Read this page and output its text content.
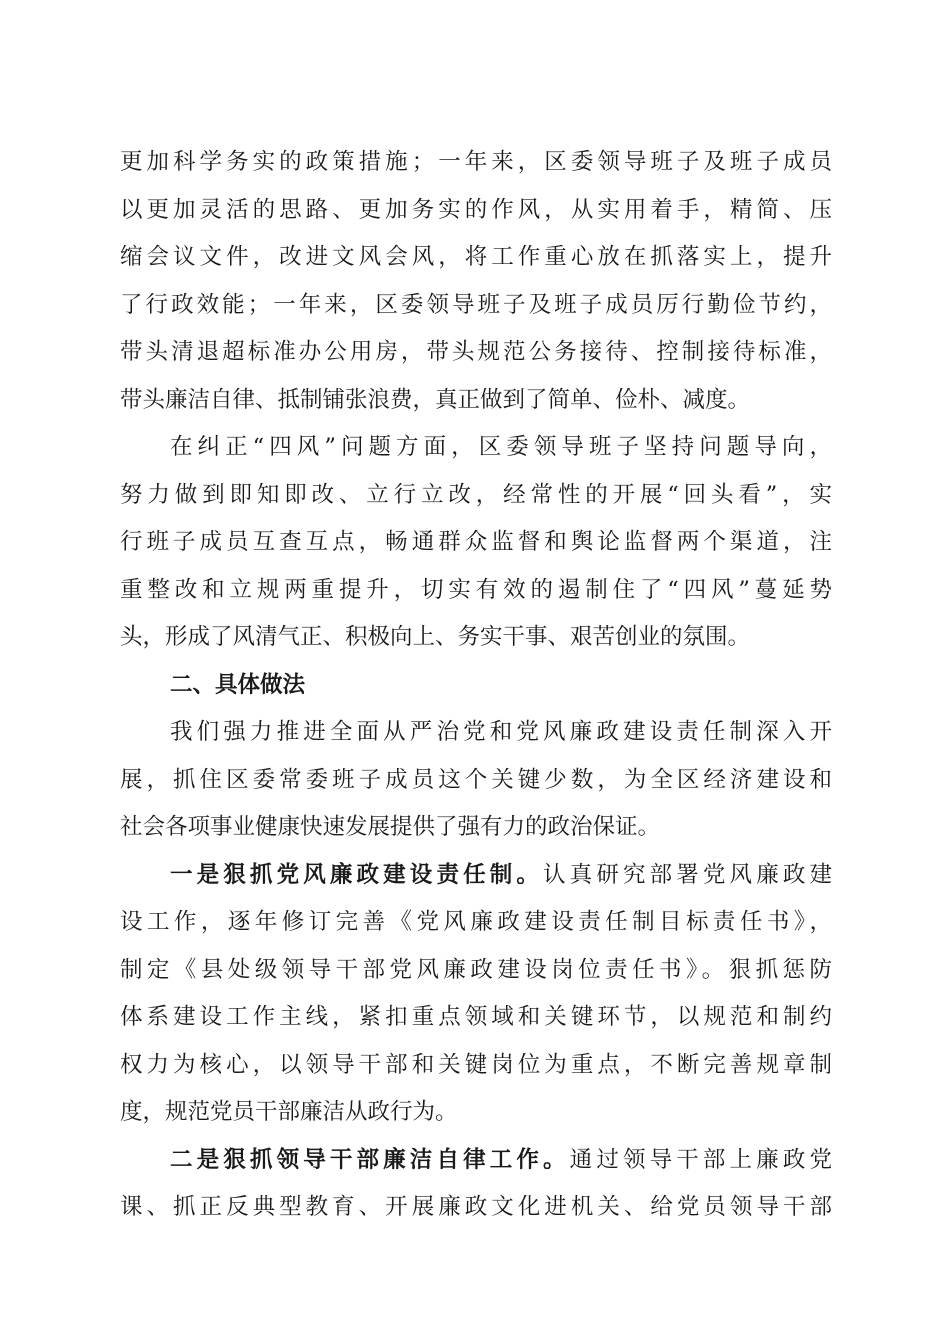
更加科学务实的政策措施；一年来，区委领导班子及班子成员
以更加灵活的思路、更加务实的作风，从实用着手，精简、压
缩会议文件，改进文风会风，将工作重心放在抓落实上，提升
了行政效能；一年来，区委领导班子及班子成员厉行勤俭节约，
带头清退超标准办公用房，带头规范公务接待、控制接待标准，
带头廉洁自律、抵制铺张浪费，真正做到了简单、俭朴、减度。
在纠正“四风”问题方面，区委领导班子坚持问题导向，
努力做到即知即改、立行立改，经常性的开展“回头看”，实
行班子成员互查互点，畅通群众监督和舆论监督两个渠道，注
重整改和立规两重提升，切实有效的遏制住了“四风”蔓延势
头，形成了风清气正、积极向上、务实干事、艰苦创业的氛围。
二、具体做法
我们强力推进全面从严治党和党风廉政建设责任制深入开
展，抓住区委常委班子成员这个关键少数，为全区经济建设和
社会各项事业健康快速发展提供了强有力的政治保证。
一是狠抓党风廉政建设责任制。认真研究部署党风廉政建
设工作，逐年修订完善《党风廉政建设责任制目标责任书》，
制定《县处级领导干部党风廉政建设岗位责任书》。狠抓惩防
体系建设工作主线，紧扣重点领域和关键环节，以规范和制约
权力为核心，以领导干部和关键岗位为重点，不断完善规章制
度，规范党员干部廉洁从政行为。
二是狠抓领导干部廉洁自律工作。通过领导干部上廉政党
课、抓正反典型教育、开展廉政文化进机关、给党员领导干部
